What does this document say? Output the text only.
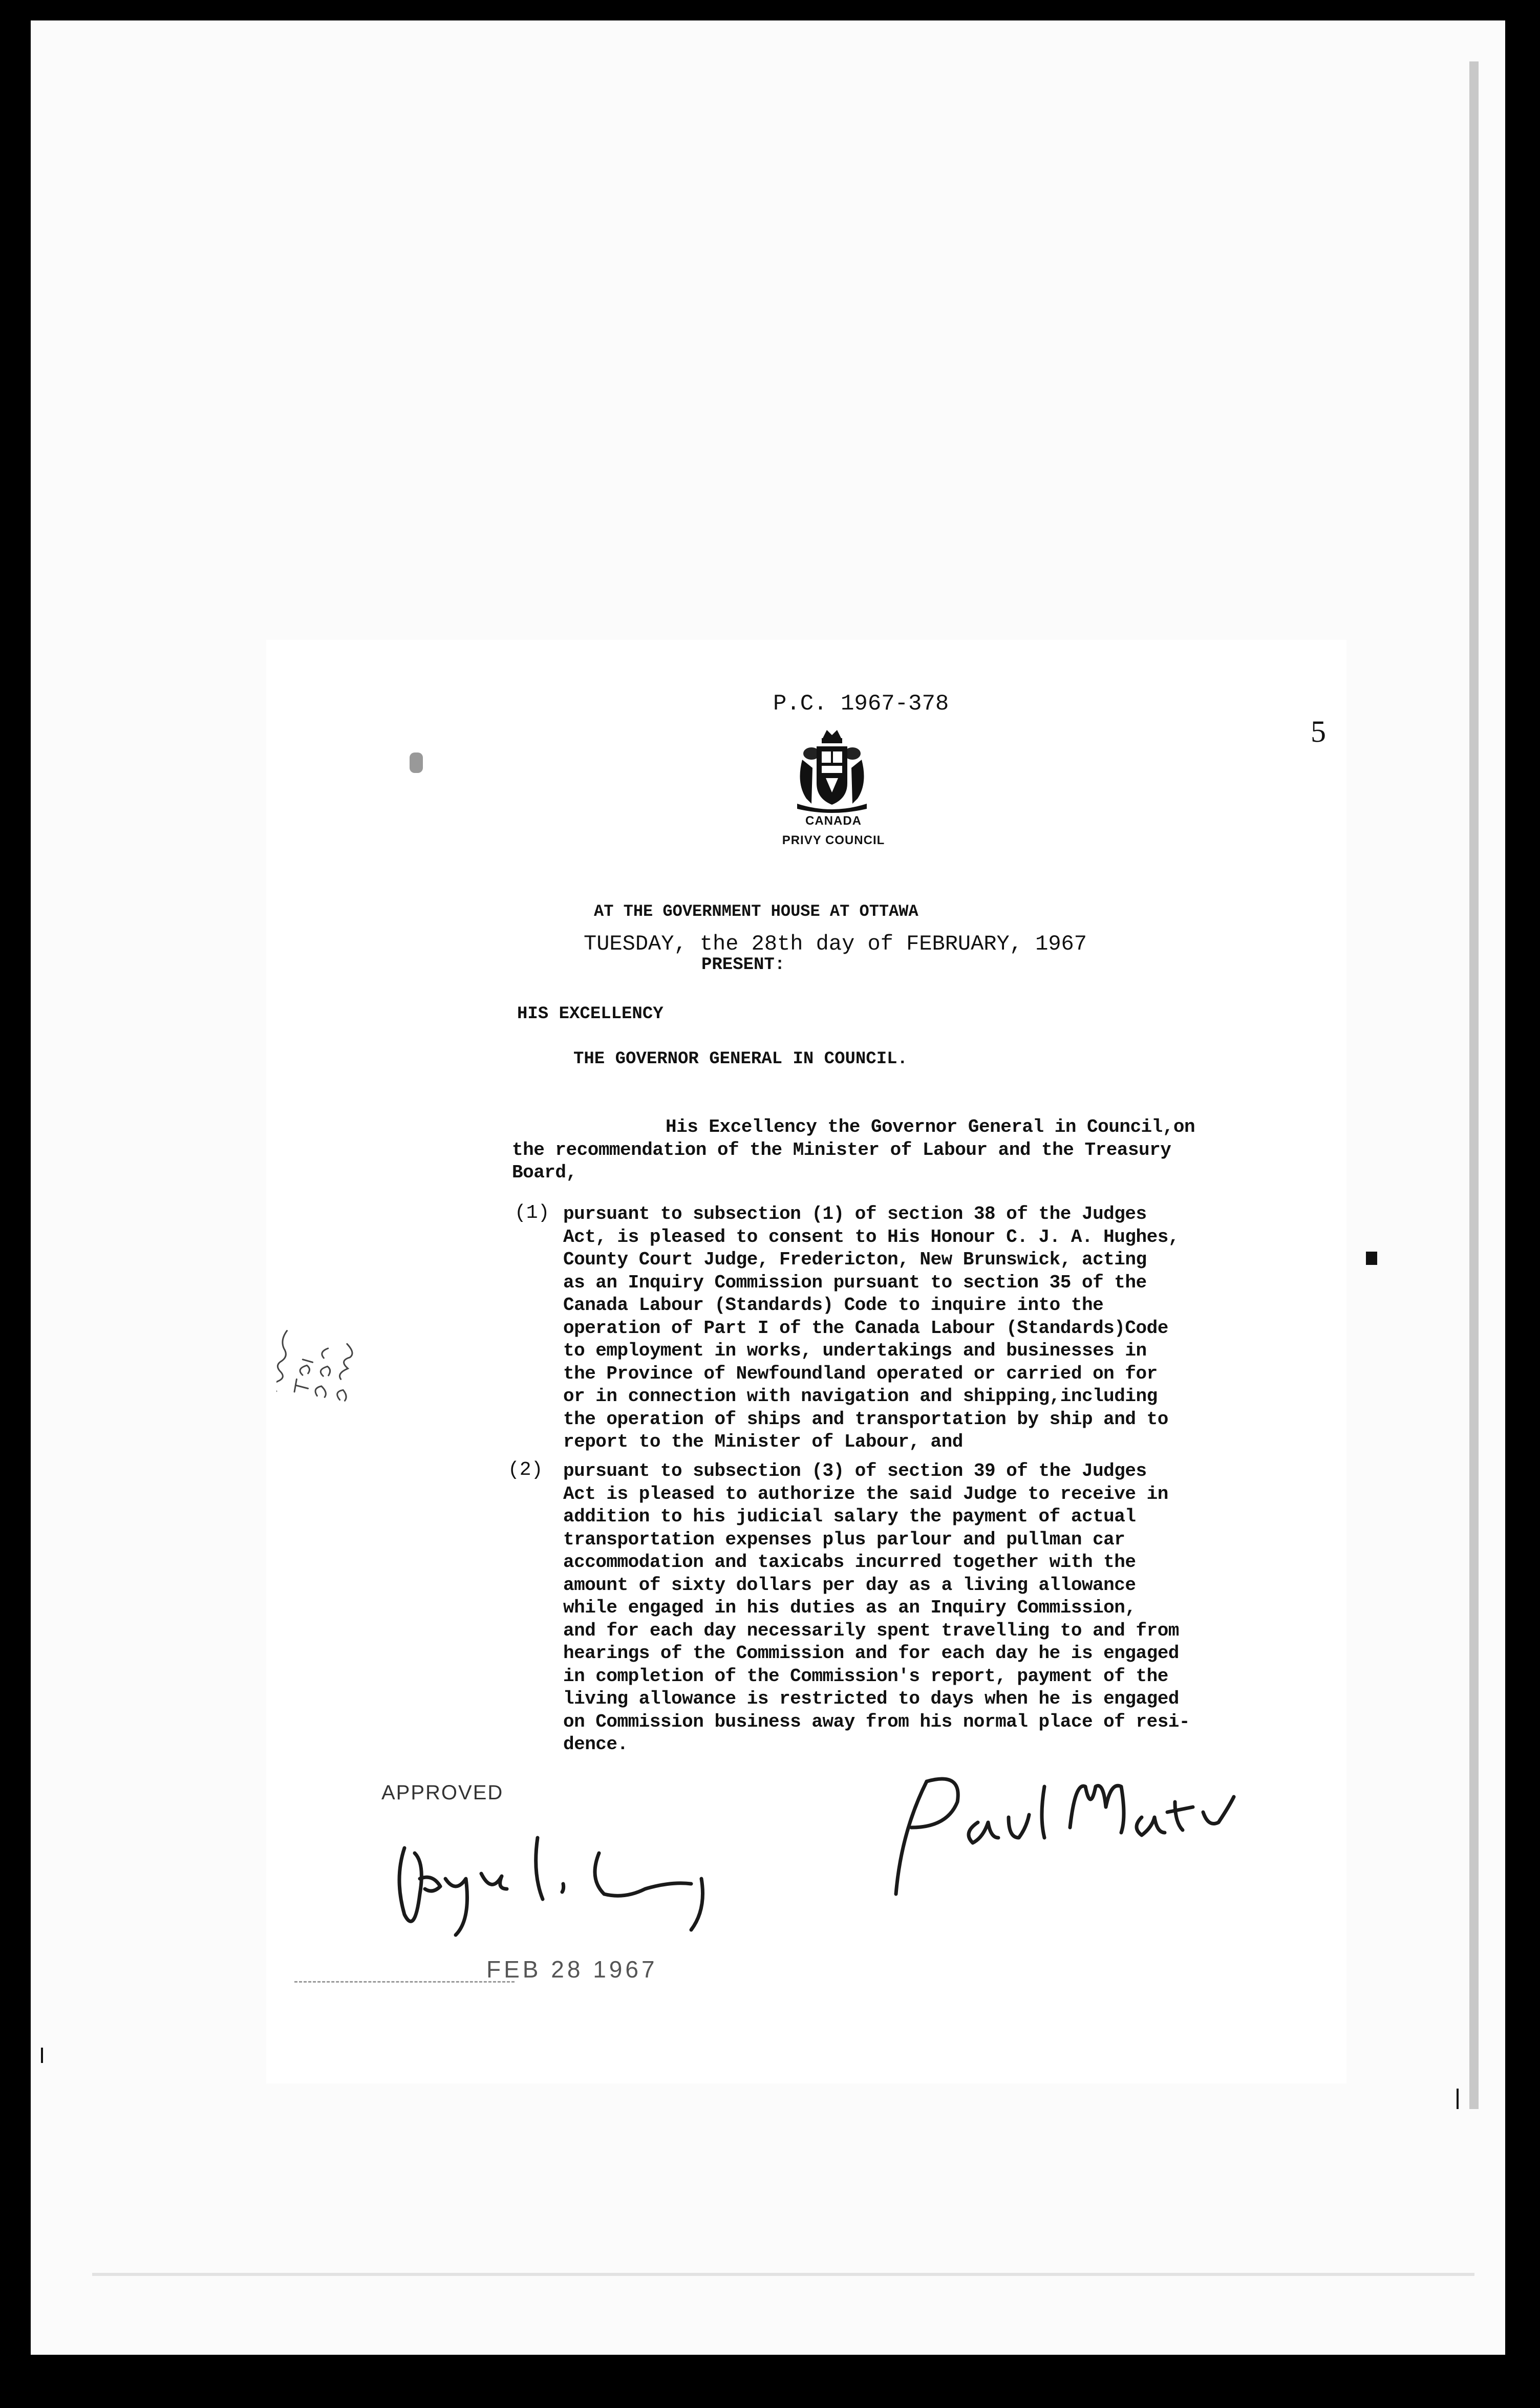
P.C. 1967-378
5
CANADA
PRIVY COUNCIL
AT THE GOVERNMENT HOUSE AT OTTAWA
TUESDAY, the 28th day of FEBRUARY, 1967
PRESENT:
HIS EXCELLENCY
THE GOVERNOR GENERAL IN COUNCIL.
His Excellency the Governor General in Council,on
the recommendation of the Minister of Labour and the Treasury
Board,
(1) pursuant to subsection (1) of section 38 of the Judges
Act, is pleased to consent to His Honour C. J. A. Hughes,
County Court Judge, Fredericton, New Brunswick, acting
as an Inquiry Commission pursuant to section 35 of the
Canada Labour (Standards) Code to inquire into the
operation of Part I of the Canada Labour (Standards)Code
to employment in works, undertakings and businesses in
the Province of Newfoundland operated or carried on for
or in connection with navigation and shipping,including
the operation of ships and transportation by ship and to
report to the Minister of Labour, and
(2) pursuant to subsection (3) of section 39 of the Judges
Act is pleased to authorize the said Judge to receive in
addition to his judicial salary the payment of actual
transportation expenses plus parlour and pullman car
accommodation and taxicabs incurred together with the
amount of sixty dollars per day as a living allowance
while engaged in his duties as an Inquiry Commission,
and for each day necessarily spent travelling to and from
hearings of the Commission and for each day he is engaged
in completion of the Commission's report, payment of the
living allowance is restricted to days when he is engaged
on Commission business away from his normal place of resi-
dence.
APPROVED
FEB 28 1967
